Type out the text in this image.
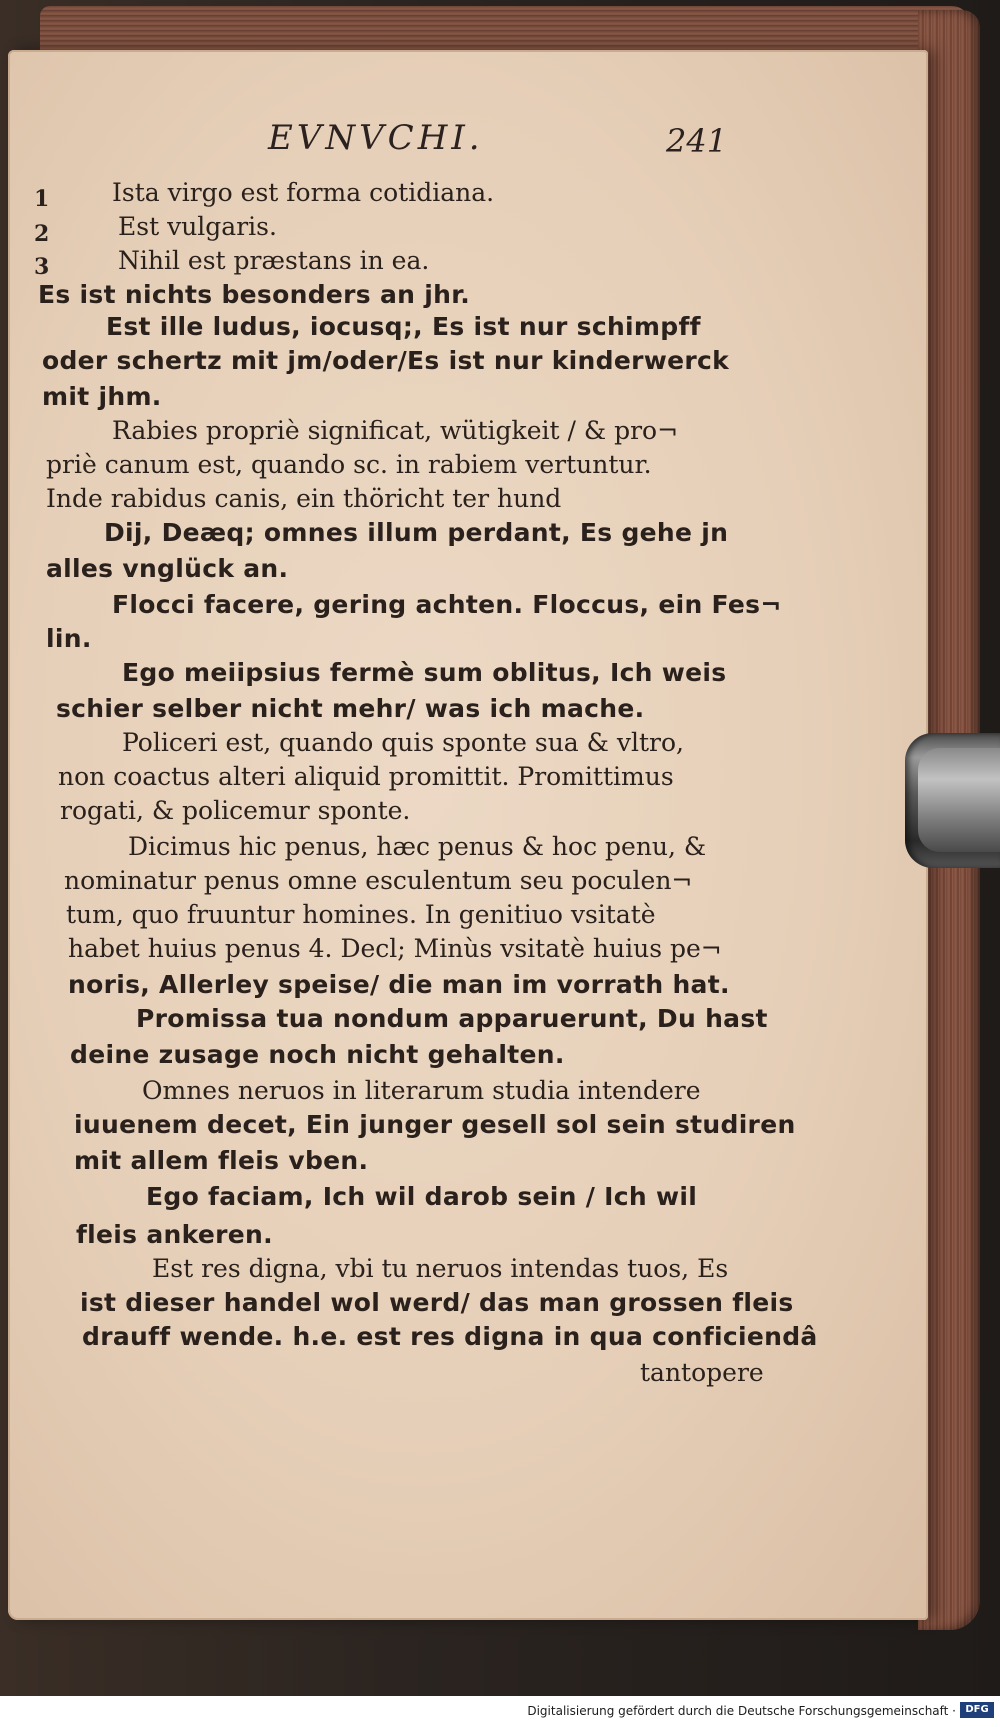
EVNVCHI.	241
1
2
3
Ista virgo est forma cotidiana.
Est vulgaris.
Nihil est præstans in ea.
Es ist nichts besonders an jhr.
Est ille ludus, iocusq;, Es ist nur schimpff
oder schertz mit jm/oder/Es ist nur kinderwerck
mit jhm.
Rabies propriè significat, wütigkeit / & pro¬
priè canum est, quando sc. in rabiem vertuntur.
Inde rabidus canis, ein thöricht ter hund
Dij, Deæq; omnes illum perdant, Es gehe jn
alles vnglück an.
Flocci facere, gering achten. Floccus, ein Fes¬
lin.
Ego meiipsius fermè sum oblitus, Ich weis
schier selber nicht mehr/ was ich mache.
Policeri est, quando quis sponte sua & vltro,
non coactus alteri aliquid promittit. Promittimus
rogati, & policemur sponte.
Dicimus hic penus, hæc penus & hoc penu, &
nominatur penus omne esculentum seu poculen¬
tum, quo fruuntur homines. In genitiuo vsitatè
habet huius penus 4. Decl; Minùs vsitatè huius pe¬
noris, Allerley speise/ die man im vorrath hat.
Promissa tua nondum apparuerunt, Du hast
deine zusage noch nicht gehalten.
Omnes neruos in literarum studia intendere
iuuenem decet, Ein junger gesell sol sein studiren
mit allem fleis vben.
Ego faciam, Ich wil darob sein / Ich wil
fleis ankeren.
Est res digna, vbi tu neruos intendas tuos, Es
ist dieser handel wol werd/ das man grossen fleis
drauff wende. h.e. est res digna in qua conficiendâ
tantopere
Digitalisierung gefördert durch die Deutsche Forschungsgemeinschaft · DFG
